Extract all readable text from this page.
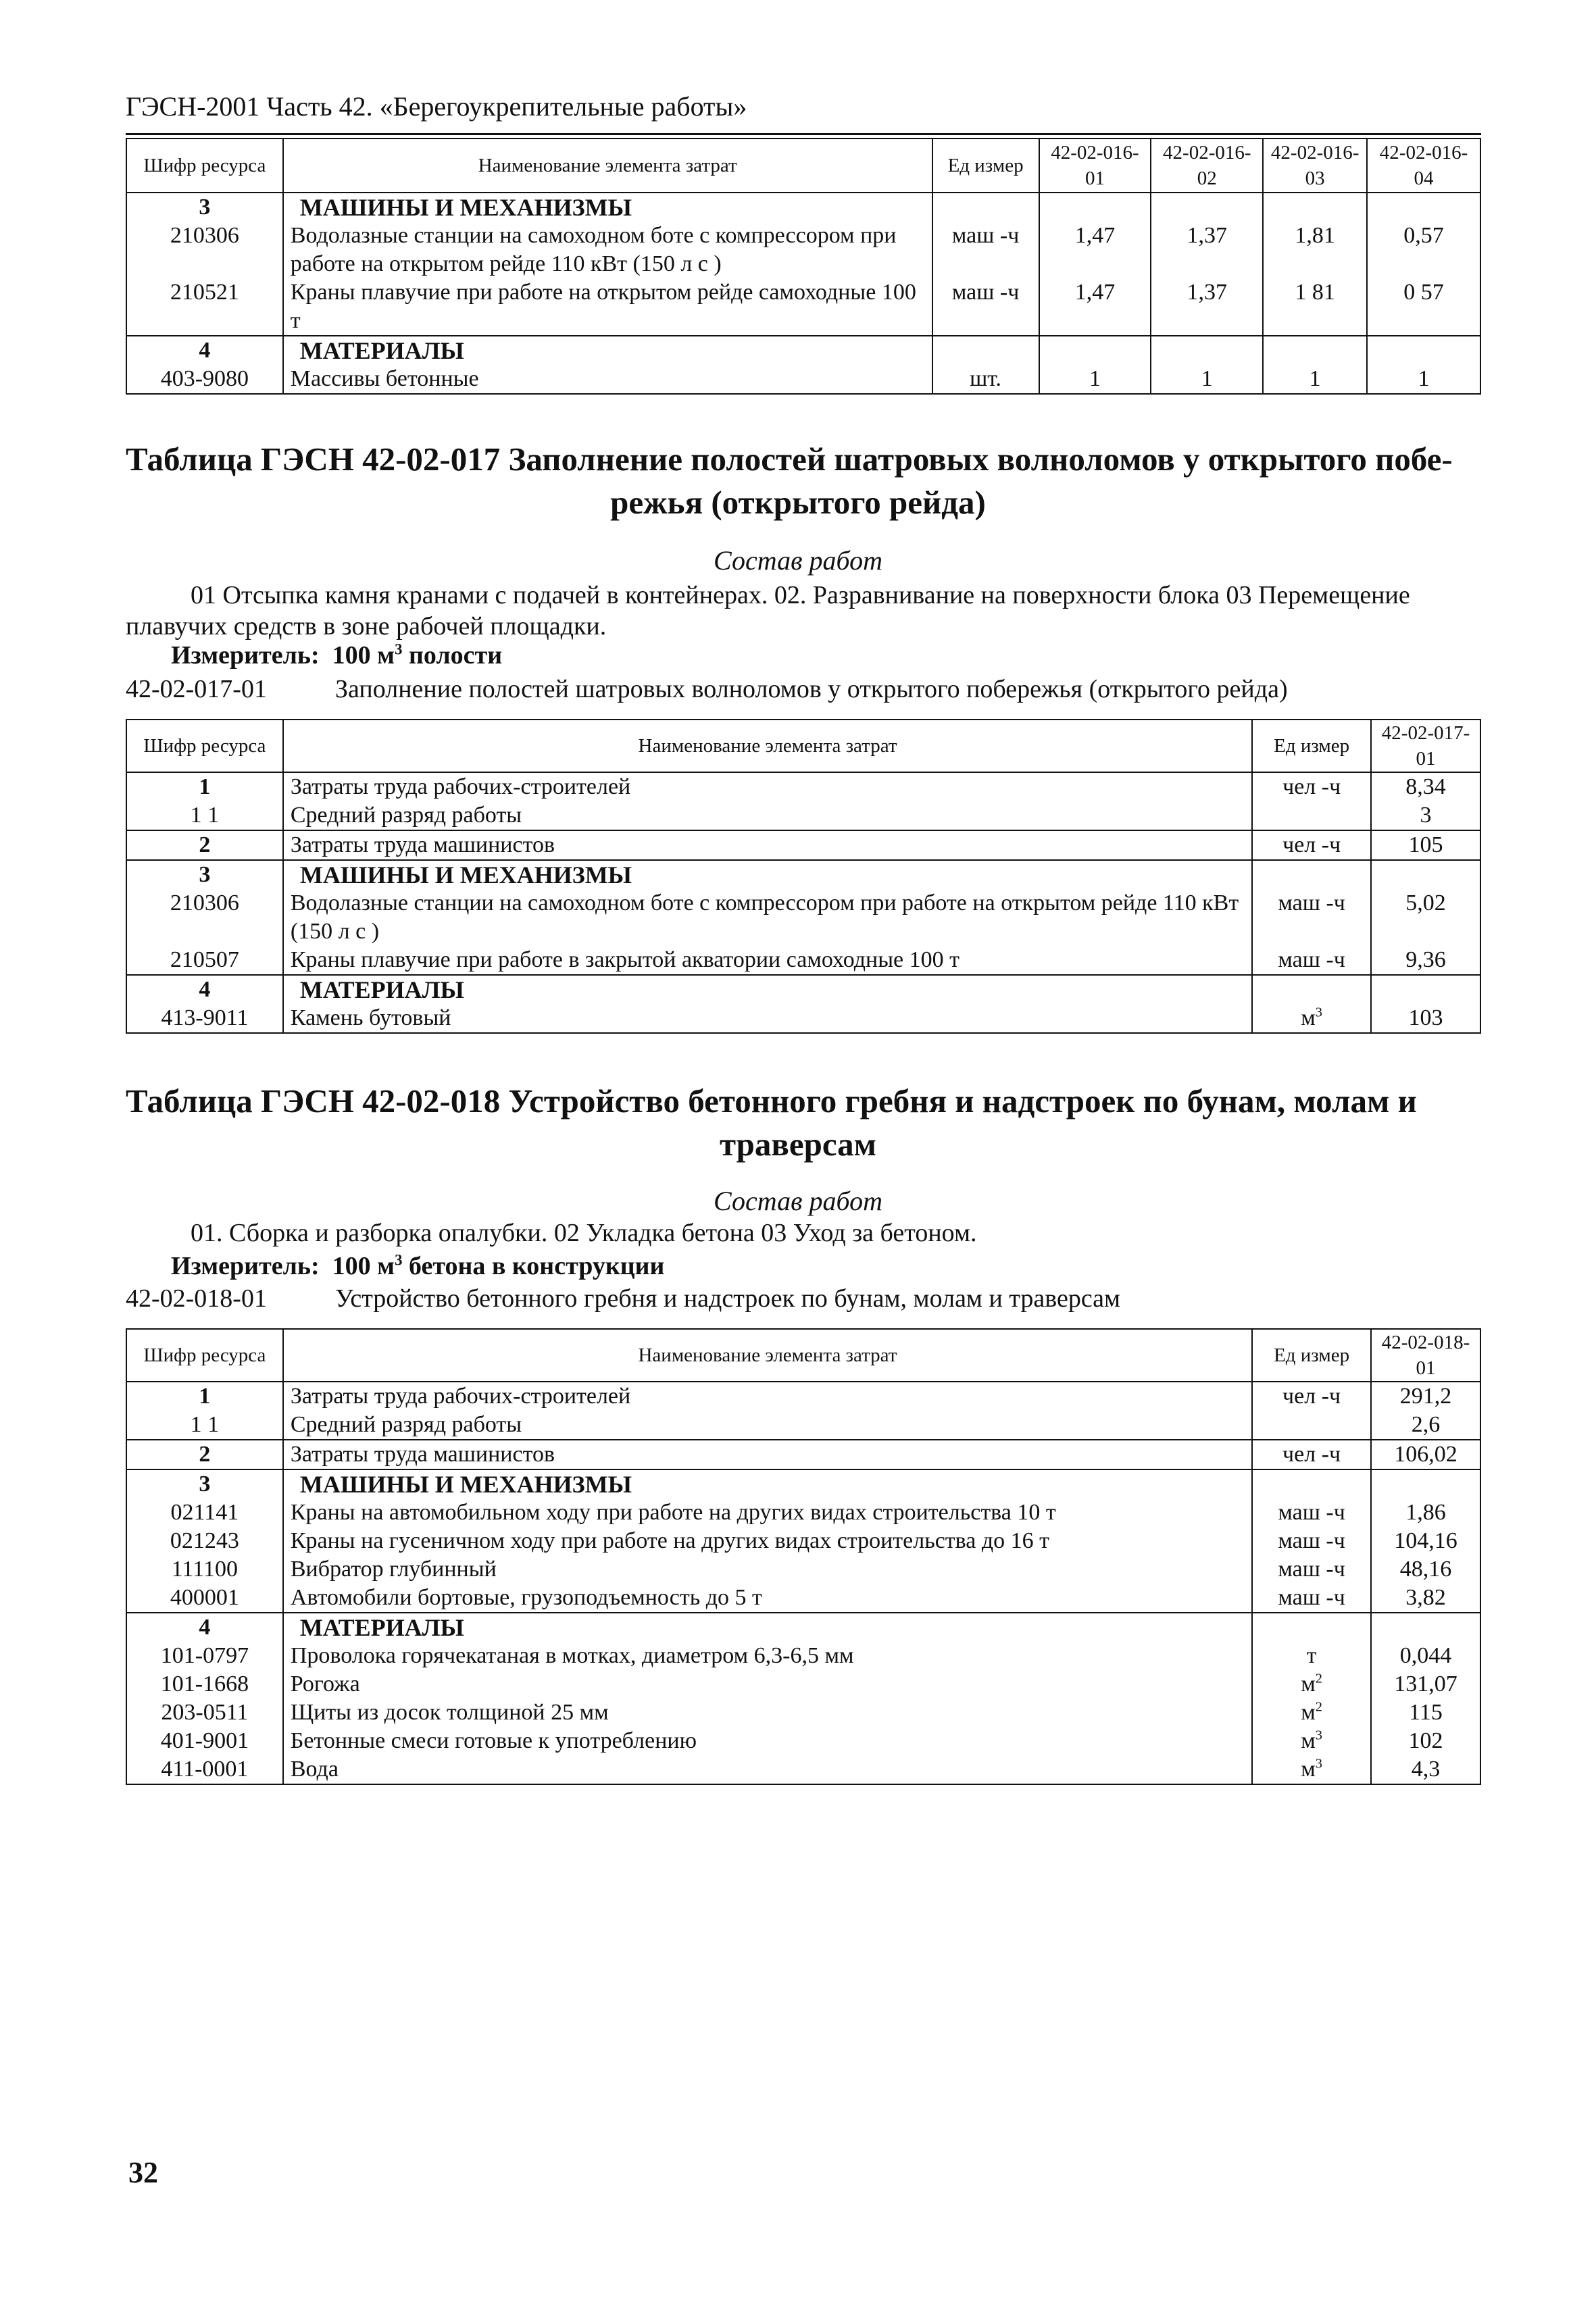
ГЭСН-2001 Часть 42. «Берегоукрепительные работы»
Шифр ресурса	Наименование элемента затрат	Ед измер	42-02-016-01	42-02-016-02	42-02-016-03	42-02-016-04
3	МАШИНЫ И МЕХАНИЗМЫ					
210306	Водолазные станции на самоходном боте с компрессором при работе на открытом рейде 110 кВт (150 л с )	маш -ч	1,47	1,37	1,81	0,57
210521	Краны плавучие при работе на открытом рейде самоходные 100 т	маш -ч	1,47	1,37	1 81	0 57
4	МАТЕРИАЛЫ					
403-9080	Массивы бетонные	шт.	1	1	1	1
Таблица ГЭСН 42-02-017 Заполнение полостей шатровых волноломов у открытого побе-
режья (открытого рейда)
Состав работ
01 Отсыпка камня кранами с подачей в контейнерах. 02. Разравнивание на поверхности блока 03 Перемещение плавучих средств в зоне рабочей площадки.
Измеритель: 100 $м^3$ полости
42-02-017-01	Заполнение полостей шатровых волноломов у открытого побережья (открытого рейда)
Шифр ресурса	Наименование элемента затрат	Ед измер	42-02-017-01
1	Затраты труда рабочих-строителей	чел -ч	8,34
1 1	Средний разряд работы		3
2	Затраты труда машинистов	чел -ч	105
3	МАШИНЫ И МЕХАНИЗМЫ		
210306	Водолазные станции на самоходном боте с компрессором при работе на открытом рейде 110 кВт (150 л с )	маш -ч	5,02
210507	Краны плавучие при работе в закрытой акватории самоходные 100 т	маш -ч	9,36
4	МАТЕРИАЛЫ		
413-9011	Камень бутовый	$м^3$	103
Таблица ГЭСН 42-02-018 Устройство бетонного гребня и надстроек по бунам, молам и
траверсам
Состав работ
01. Сборка и разборка опалубки. 02 Укладка бетона 03 Уход за бетоном.
Измеритель: 100 $м^3$ бетона в конструкции
42-02-018-01	Устройство бетонного гребня и надстроек по бунам, молам и траверсам
Шифр ресурса	Наименование элемента затрат	Ед измер	42-02-018-01
1	Затраты труда рабочих-строителей	чел -ч	291,2
1 1	Средний разряд работы		2,6
2	Затраты труда машинистов	чел -ч	106,02
3	МАШИНЫ И МЕХАНИЗМЫ		
021141	Краны на автомобильном ходу при работе на других видах строительства 10 т	маш -ч	1,86
021243	Краны на гусеничном ходу при работе на других видах строительства до 16 т	маш -ч	104,16
111100	Вибратор глубинный	маш -ч	48,16
400001	Автомобили бортовые, грузоподъемность до 5 т	маш -ч	3,82
4	МАТЕРИАЛЫ		
101-0797	Проволока горячекатаная в мотках, диаметром 6,3-6,5 мм	т	0,044
101-1668	Рогожа	$м^2$	131,07
203-0511	Щиты из досок толщиной 25 мм	$м^2$	115
401-9001	Бетонные смеси готовые к употреблению	$м^3$	102
411-0001	Вода	$м^3$	4,3
32
